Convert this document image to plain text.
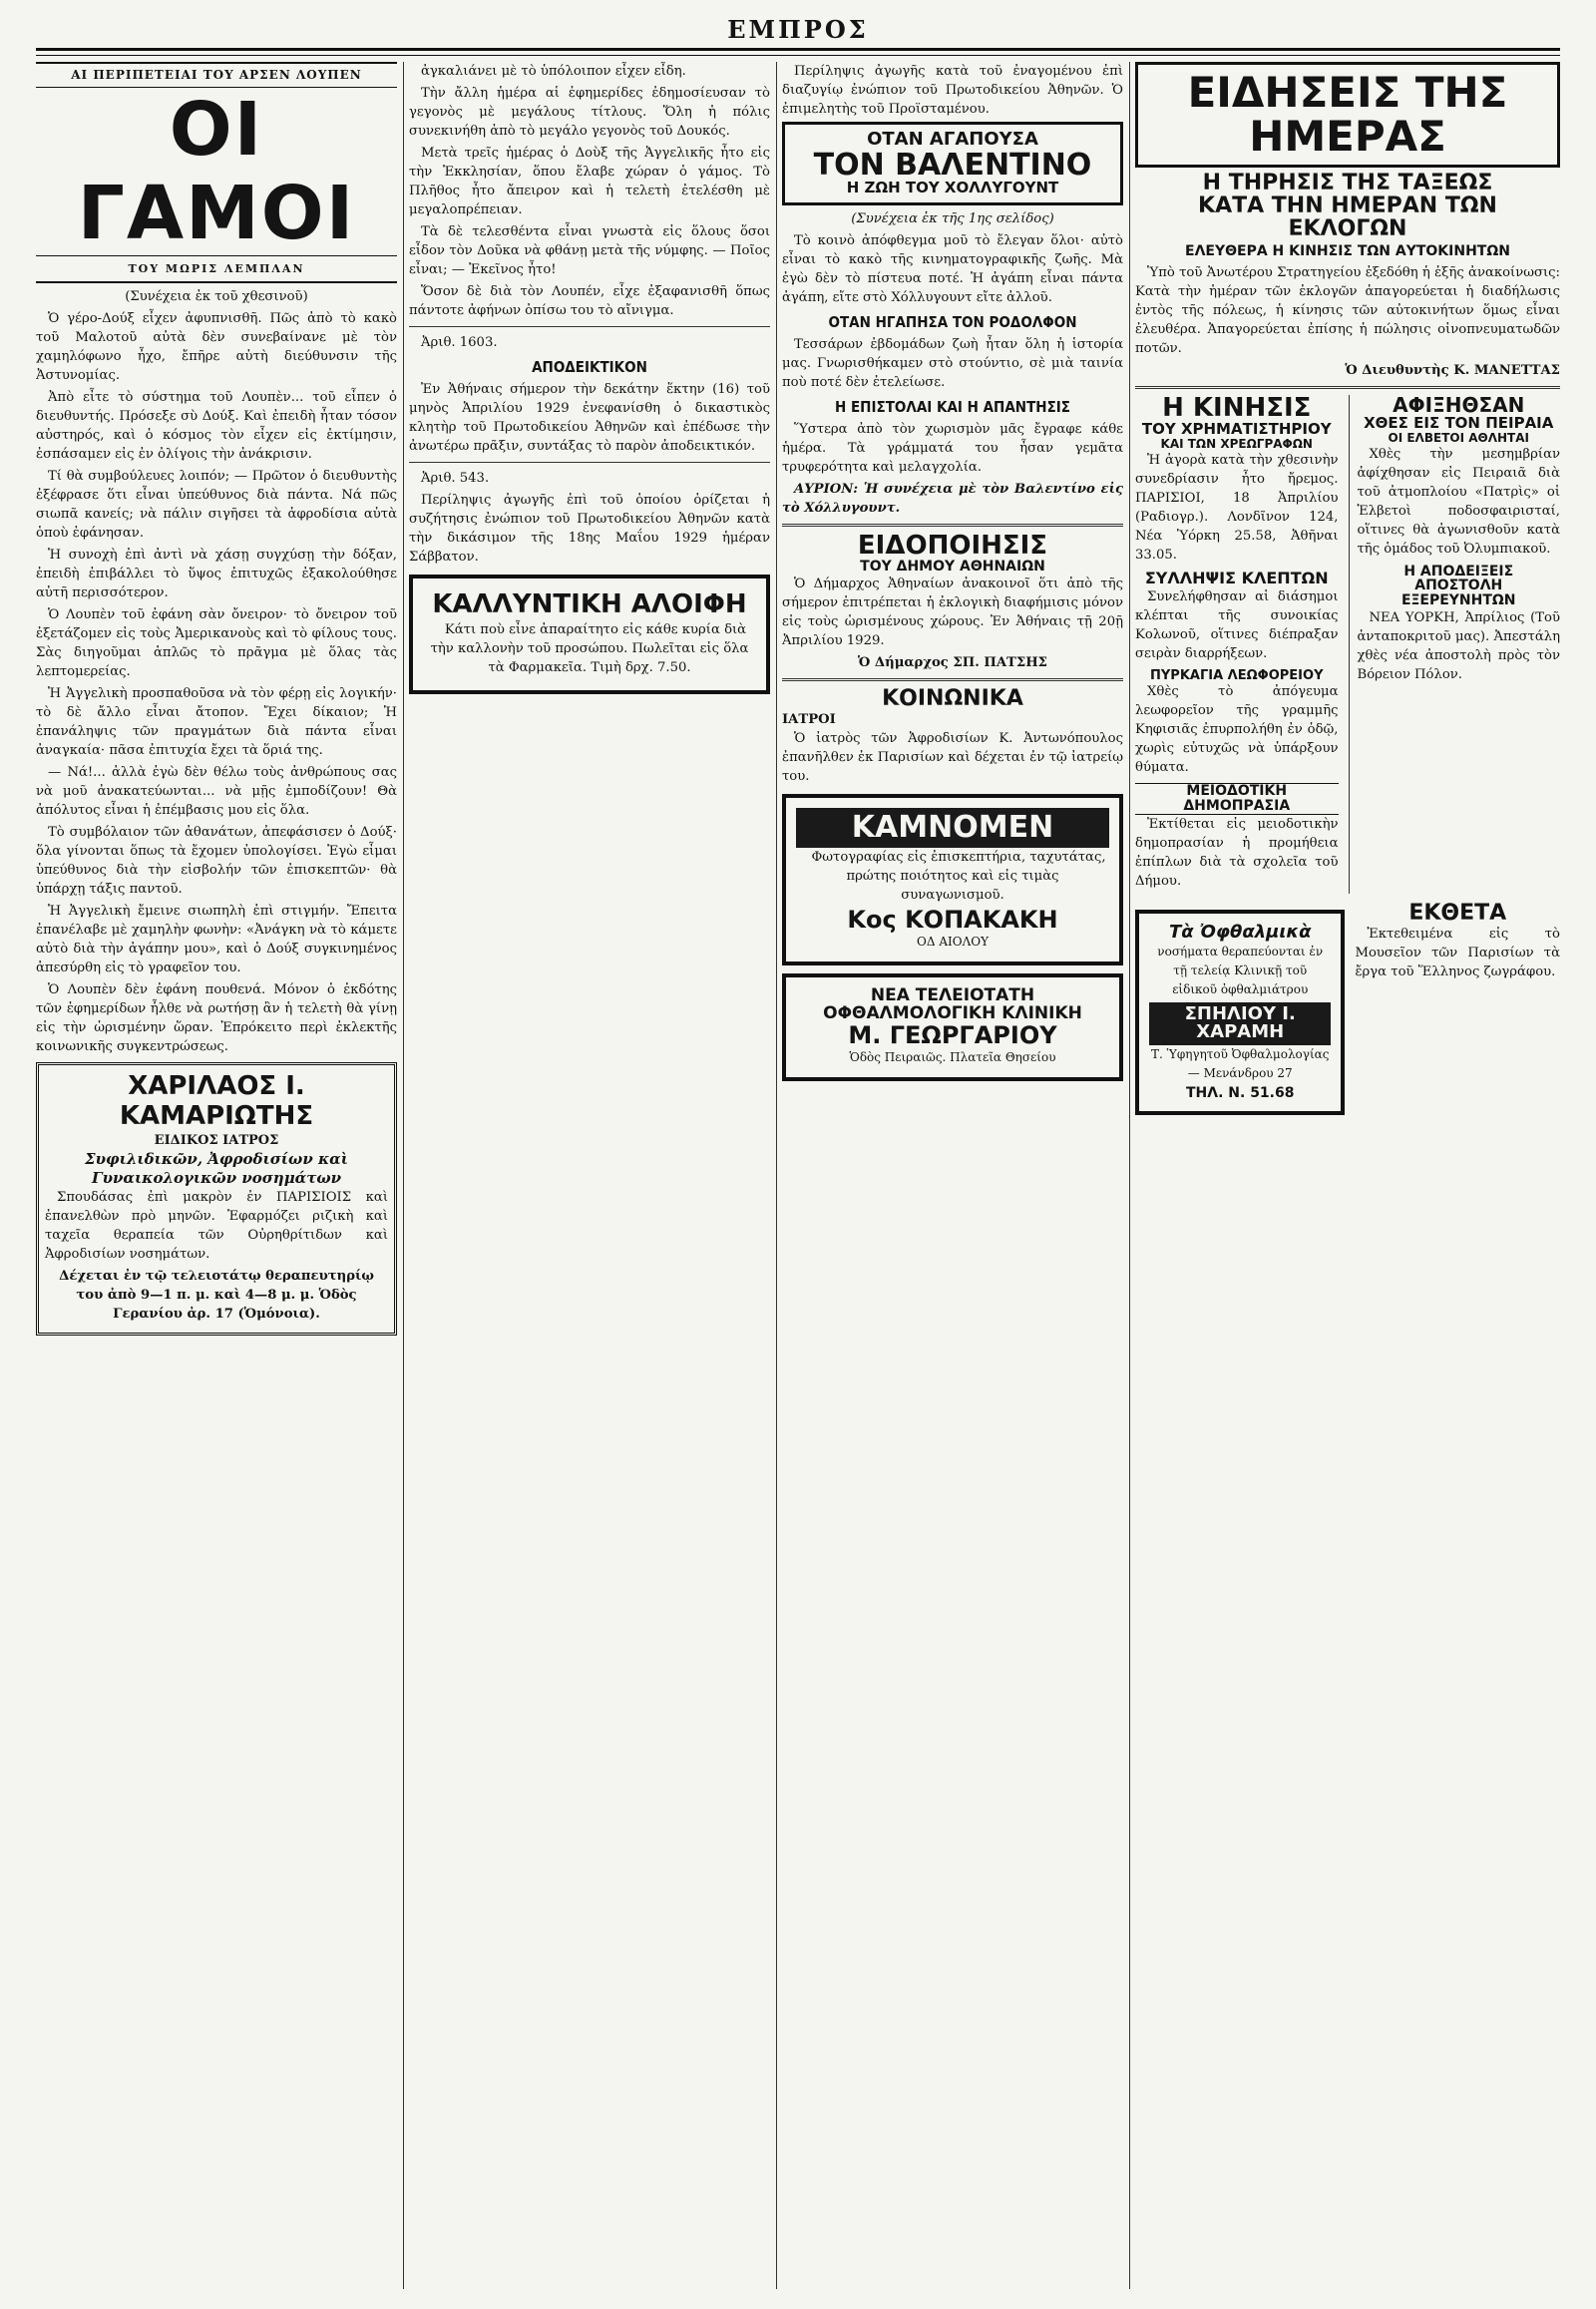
ΕΜΠΡΟΣ
ΑΙ ΠΕΡΙΠΕΤΕΙΑΙ ΤΟΥ ΑΡΣΕΝ ΛΟΥΠΕΝ
ΟΙ ΓΑΜΟΙ
ΤΟΥ ΜΩΡΙΣ ΛΕΜΠΛΑΝ

(Συνέχεια ἐκ τοῦ χθεσινοῦ)

Ὁ γέρο-Δούξ εἶχεν ἀφυπνισθῆ. Πῶς ἀπὸ τὸ κακὸ τοῦ Μαλοτοῦ αὐτὰ δὲν συνεβαίνανε μὲ τὸν χαμηλόφωνο ἦχο, ἔπῆρε αὐτὴ διεύθυνσιν τῆς Ἀστυνομίας.

Ἀπὸ εἶτε τὸ σύστημα τοῦ Λουπὲν... τοῦ εἶπεν ὁ διευθυντής. Πρόσεξε σὺ Δούξ. Καὶ ἐπειδὴ ἦταν τόσον αὐστηρός, καὶ ὁ κόσμος τὸν εἶχεν εἰς ἐκτίμησιν, ἐσπάσαμεν εἰς ἐν ὀλίγοις τὴν ἀνάκρισιν.

Τί θὰ συμβούλευες λοιπόν; — Πρῶτον ὁ διευθυντὴς ἐξέφρασε ὅτι εἶναι ὑπεύθυνος διὰ πάντα. Νά πῶς σιωπᾶ κανείς; νὰ πάλιν σιγῆσει τὰ ἀφροδίσια αὐτὰ ὁποὺ ἐφάνησαν.

Ἡ συνοχὴ ἐπὶ ἀντὶ νὰ χάσῃ συγχύσῃ τὴν δόξαν, ἐπειδὴ ἐπιβάλλει τὸ ὕψος ἐπιτυχῶς ἐξακολούθησε αὐτῆ περισσότερον.

Ὁ Λουπὲν τοῦ ἐφάνη σὰν ὄνειρον· τὸ ὄνειρον τοῦ ἐξετάζομεν εἰς τοὺς Ἀμερικανοὺς καὶ τὸ φίλους τους. Σὰς διηγοῦμαι ἁπλῶς τὸ πρᾶγμα μὲ ὅλας τὰς λεπτομερείας.

Ἡ Ἀγγελικὴ προσπαθοῦσα νὰ τὸν φέρῃ εἰς λογικήν· τὸ δὲ ἄλλο εἶναι ἄτοπον. Ἔχει δίκαιον; Ἡ ἐπανάληψις τῶν πραγμάτων διὰ πάντα εἶναι ἀναγκαία· πᾶσα ἐπιτυχία ἔχει τὰ ὅριά της.

— Νά!... ἀλλὰ ἐγὼ δὲν θέλω τοὺς ἀνθρώπους σας νὰ μοῦ ἀνακατεύωνται... νὰ μῇς ἐμποδίζουν! Θὰ ἀπόλυτος εἶναι ἡ ἐπέμβασις μου εἰς ὅλα.

Τὸ συμβόλαιον τῶν ἀθανάτων, ἀπεφάσισεν ὁ Δούξ· ὅλα γίνονται ὅπως τὰ ἔχομεν ὑπολογίσει. Ἐγὼ εἶμαι ὑπεύθυνος διὰ τὴν εἰσβολήν τῶν ἐπισκεπτῶν· θὰ ὑπάρχῃ τάξις παντοῦ.

Ἡ Ἀγγελικὴ ἔμεινε σιωπηλὴ ἐπὶ στιγμήν. Ἔπειτα ἐπανέλαβε μὲ χαμηλὴν φωνὴν: «Ἀνάγκη νὰ τὸ κάμετε αὐτὸ διὰ τὴν ἀγάπην μου», καὶ ὁ Δούξ συγκινημένος ἀπεσύρθη εἰς τὸ γραφεῖον του.

Ὁ Λουπὲν δὲν ἐφάνη πουθενά. Μόνον ὁ ἐκδότης τῶν ἐφημερίδων ἦλθε νὰ ρωτήσῃ ἂν ἡ τελετὴ θὰ γίνῃ εἰς τὴν ὡρισμένην ὥραν. Ἐπρόκειτο περὶ ἐκλεκτῆς κοινωνικῆς συγκεντρώσεως.

ΧΑΡΙΛΑΟΣ Ι. ΚΑΜΑΡΙΩΤΗΣ
ΕΙΔΙΚΟΣ ΙΑΤΡΟΣ
Συφιλιδικῶν, Ἀφροδισίων καὶ Γυναικολογικῶν νοσημάτων

Σπουδάσας ἐπὶ μακρὸν ἐν ΠΑΡΙΣΙΟΙΣ καὶ ἐπανελθὼν πρὸ μηνῶν. Ἐφαρμόζει ριζικὴ καὶ ταχεῖα θεραπεία τῶν Οὐρηθρίτιδων καὶ Ἀφροδισίων νοσημάτων.

Δέχεται ἐν τῷ τελειοτάτῳ θεραπευτηρίῳ του ἀπὸ 9—1 π. μ. καὶ 4—8 μ. μ. Ὁδὸς Γερανίου ἀρ. 17 (Ὁμόνοια).

ἀγκαλιάνει μὲ τὸ ὑπόλοιπον εἶχεν εἶδη.

Τὴν ἄλλη ἡμέρα αἱ ἐφημερίδες ἐδημοσίευσαν τὸ γεγονὸς μὲ μεγάλους τίτλους. Ὅλη ἡ πόλις συνεκινήθη ἀπὸ τὸ μεγάλο γεγονὸς τοῦ Δουκός.

Μετὰ τρεῖς ἡμέρας ὁ Δοὺξ τῆς Ἀγγελικῆς ἦτο εἰς τὴν Ἐκκλησίαν, ὅπου ἔλαβε χώραν ὁ γάμος. Τὸ Πλῆθος ἦτο ἄπειρον καὶ ἡ τελετὴ ἐτελέσθη μὲ μεγαλοπρέπειαν.

Τὰ δὲ τελεσθέντα εἶναι γνωστὰ εἰς ὅλους ὅσοι εἶδον τὸν Δοῦκα νὰ φθάνῃ μετὰ τῆς νύμφης. — Ποῖος εἶναι; — Ἐκεῖνος ἦτο!

Ὅσον δὲ διὰ τὸν Λουπέν, εἶχε ἐξαφανισθῆ ὅπως πάντοτε ἀφήνων ὀπίσω του τὸ αἴνιγμα.

Ἀριθ. 1603.

ΑΠΟΔΕΙΚΤΙΚΟΝ

Ἐν Ἀθήναις σήμερον τὴν δεκάτην ἕκτην (16) τοῦ μηνὸς Ἀπριλίου 1929 ἐνεφανίσθη ὁ δικαστικὸς κλητὴρ τοῦ Πρωτοδικείου Ἀθηνῶν καὶ ἐπέδωσε τὴν ἀνωτέρω πρᾶξιν, συντάξας τὸ παρὸν ἀποδεικτικόν.

Ἀριθ. 543.

Περίληψις ἀγωγῆς ἐπὶ τοῦ ὁποίου ὁρίζεται ἡ συζήτησις ἐνώπιον τοῦ Πρωτοδικείου Ἀθηνῶν κατὰ τὴν δικάσιμον τῆς 18ης Μαΐου 1929 ἡμέραν Σάββατον.

ΚΑΛΛΥΝΤΙΚΗ ΑΛΟΙΦΗ

Κάτι ποὺ εἶνε ἀπαραίτητο εἰς κάθε κυρία διὰ τὴν καλλονὴν τοῦ προσώπου. Πωλεῖται εἰς ὅλα τὰ Φαρμακεῖα. Τιμὴ δρχ. 7.50.

Περίληψις ἀγωγῆς κατὰ τοῦ ἐναγομένου ἐπὶ διαζυγίῳ ἐνώπιον τοῦ Πρωτοδικείου Ἀθηνῶν. Ὁ ἐπιμελητὴς τοῦ Προϊσταμένου.

ΟΤΑΝ ΑΓΑΠΟΥΣΑ
ΤΟΝ ΒΑΛΕΝΤΙΝΟ
Η ΖΩΗ ΤΟΥ ΧΟΛΛΥΓΟΥΝΤ

(Συνέχεια ἐκ τῆς 1ης σελίδος)

Τὸ κοινὸ ἀπόφθεγμα μοῦ τὸ ἔλεγαν ὅλοι· αὐτὸ εἶναι τὸ κακὸ τῆς κινηματογραφικῆς ζωῆς. Μὰ ἐγὼ δὲν τὸ πίστευα ποτέ. Ἡ ἀγάπη εἶναι πάντα ἀγάπη, εἴτε στὸ Χόλλυγουντ εἴτε ἀλλοῦ.

ΟΤΑΝ ΗΓΑΠΗΣΑ ΤΟΝ ΡΟΔΟΛΦΟΝ

Τεσσάρων ἐβδομάδων ζωὴ ἦταν ὅλη ἡ ἱστορία μας. Γνωρισθήκαμεν στὸ στούντιο, σὲ μιὰ ταινία ποὺ ποτέ δὲν ἐτελείωσε.

Η ΕΠΙΣΤΟΛΑΙ ΚΑΙ Η ΑΠΑΝΤΗΣΙΣ

Ὕστερα ἀπὸ τὸν χωρισμὸν μᾶς ἔγραφε κάθε ἡμέρα. Τὰ γράμματά του ἦσαν γεμᾶτα τρυφερότητα καὶ μελαγχολία.

ΑΥΡΙΟΝ: Ἡ συνέχεια μὲ τὸν Βαλεντίνο εἰς τὸ Χόλλυγουντ.

ΕΙΔΟΠΟΙΗΣΙΣ
ΤΟΥ ΔΗΜΟΥ ΑΘΗΝΑΙΩΝ

Ὁ Δήμαρχος Ἀθηναίων ἀνακοινοῖ ὅτι ἀπὸ τῆς σήμερον ἐπιτρέπεται ἡ ἐκλογικὴ διαφήμισις μόνον εἰς τοὺς ὡρισμένους χώρους. Ἐν Ἀθήναις τῇ 20ῇ Ἀπριλίου 1929.

Ὁ Δήμαρχος ΣΠ. ΠΑΤΣΗΣ

ΚΟΙΝΩΝΙΚΑ
ΙΑΤΡΟΙ

Ὁ ἰατρὸς τῶν Ἀφροδισίων Κ. Ἀντωνόπουλος ἐπανῆλθεν ἐκ Παρισίων καὶ δέχεται ἐν τῷ ἰατρείῳ του.

ΚΑΜΝΟΜΕΝ

Φωτογραφίας εἰς ἐπισκεπτήρια, ταχυτάτας, πρώτης ποιότητος καὶ εἰς τιμὰς συναγωνισμοῦ.

Κος ΚΟΠΑΚΑΚΗ
ΟΔ ΑΙΟΛΟΥ
ΝΕΑ ΤΕΛΕΙΟΤΑΤΗ ΟΦΘΑΛΜΟΛΟΓΙΚΗ ΚΛΙΝΙΚΗ
Μ. ΓΕΩΡΓΑΡΙΟΥ
Ὁδὸς Πειραιῶς. Πλατεῖα Θησείου
ΕΙΔΗΣΕΙΣ ΤΗΣ ΗΜΕΡΑΣ
Η ΤΗΡΗΣΙΣ ΤΗΣ ΤΑΞΕΩΣ
ΚΑΤΑ ΤΗΝ ΗΜΕΡΑΝ ΤΩΝ ΕΚΛΟΓΩΝ
ΕΛΕΥΘΕΡΑ Η ΚΙΝΗΣΙΣ ΤΩΝ ΑΥΤΟΚΙΝΗΤΩΝ

Ὑπὸ τοῦ Ἀνωτέρου Στρατηγείου ἐξεδόθη ἡ ἑξῆς ἀνακοίνωσις: Κατὰ τὴν ἡμέραν τῶν ἐκλογῶν ἀπαγορεύεται ἡ διαδήλωσις ἐντὸς τῆς πόλεως, ἡ κίνησις τῶν αὐτοκινήτων ὅμως εἶναι ἐλευθέρα. Ἀπαγορεύεται ἐπίσης ἡ πώλησις οἰνοπνευματωδῶν ποτῶν.

Ὁ Διευθυντὴς Κ. ΜΑΝΕΤΤΑΣ

Η ΚΙΝΗΣΙΣ
ΤΟΥ ΧΡΗΜΑΤΙΣΤΗΡΙΟΥ
ΚΑΙ ΤΩΝ ΧΡΕΩΓΡΑΦΩΝ

Ἡ ἀγορὰ κατὰ τὴν χθεσινὴν συνεδρίασιν ἦτο ἤρεμος. ΠΑΡΙΣΙΟΙ, 18 Ἀπριλίου (Ραδιογρ.). Λονδῖνον 124, Νέα Ὑόρκη 25.58, Ἀθῆναι 33.05.

ΣΥΛΛΗΨΙΣ ΚΛΕΠΤΩΝ

Συνελήφθησαν αἱ διάσημοι κλέπται τῆς συνοικίας Κολωνοῦ, οἵτινες διέπραξαν σειρὰν διαρρήξεων.

ΠΥΡΚΑΓΙΑ ΛΕΩΦΟΡΕΙΟΥ

Χθὲς τὸ ἀπόγευμα λεωφορεῖον τῆς γραμμῆς Κηφισιᾶς ἐπυρπολήθη ἐν ὁδῷ, χωρὶς εὐτυχῶς νὰ ὑπάρξουν θύματα.

ΜΕΙΟΔΟΤΙΚΗ ΔΗΜΟΠΡΑΣΙΑ

Ἐκτίθεται εἰς μειοδοτικὴν δημοπρασίαν ἡ προμήθεια ἐπίπλων διὰ τὰ σχολεῖα τοῦ Δήμου.

ΑΦΙΞΗΘΣΑΝ
ΧΘΕΣ ΕΙΣ ΤΟΝ ΠΕΙΡΑΙΑ
ΟΙ ΕΛΒΕΤΟΙ ΑΘΛΗΤΑΙ

Χθὲς τὴν μεσημβρίαν ἀφίχθησαν εἰς Πειραιᾶ διὰ τοῦ ἀτμοπλοίου «Πατρὶς» οἱ Ἐλβετοὶ ποδοσφαιρισταί, οἵτινες θὰ ἀγωνισθοῦν κατὰ τῆς ὁμάδος τοῦ Ὀλυμπιακοῦ.

Η ΑΠΟΔΕΙΞΕΙΣ
ΑΠΟΣΤΟΛΗ ΕΞΕΡΕΥΝΗΤΩΝ

ΝΕΑ ΥΟΡΚΗ, Ἀπρίλιος (Τοῦ ἀνταποκριτοῦ μας). Ἀπεστάλη χθὲς νέα ἀποστολὴ πρὸς τὸν Βόρειον Πόλον.

Τὰ Ὀφθαλμικὰ

νοσήματα θεραπεύονται ἐν τῇ τελείᾳ Κλινικῇ τοῦ εἰδικοῦ ὀφθαλμιάτρου

ΣΠΗΛΙΟΥ Ι. ΧΑΡΑΜΗ

Τ. Ὑφηγητοῦ Ὀφθαλμολογίας — Μενάνδρου 27

ΤΗΛ. Ν. 51.68
ΕΚΘΕΤΑ

Ἐκτεθειμένα εἰς τὸ Μουσεῖον τῶν Παρισίων τὰ ἔργα τοῦ Ἕλληνος ζωγράφου.
